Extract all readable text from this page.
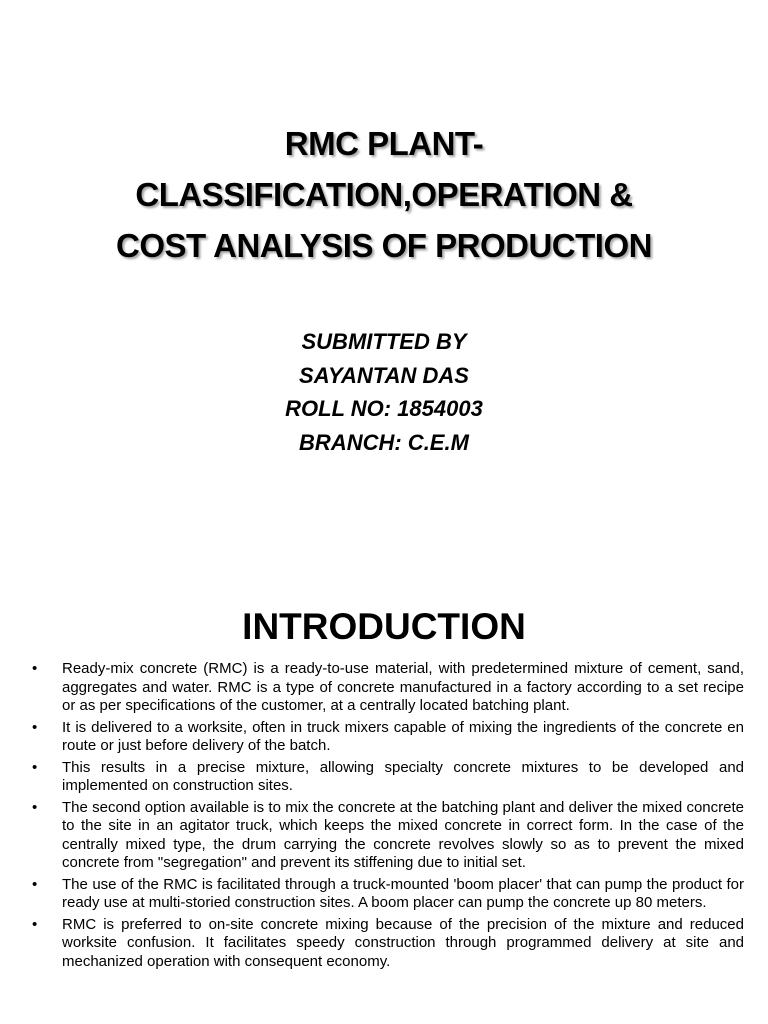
RMC PLANT-
CLASSIFICATION,OPERATION &
COST ANALYSIS OF PRODUCTION
SUBMITTED BY
SAYANTAN DAS
ROLL NO: 1854003
BRANCH: C.E.M
INTRODUCTION
• Ready-mix concrete (RMC) is a ready-to-use material, with predetermined mixture of cement, sand, aggregates and water. RMC is a type of concrete manufactured in a factory according to a set recipe or as per specifications of the customer, at a centrally located batching plant.
• It is delivered to a worksite, often in truck mixers capable of mixing the ingredients of the concrete en route or just before delivery of the batch.
• This results in a precise mixture, allowing specialty concrete mixtures to be developed and implemented on construction sites.
• The second option available is to mix the concrete at the batching plant and deliver the mixed concrete to the site in an agitator truck, which keeps the mixed concrete in correct form. In the case of the centrally mixed type, the drum carrying the concrete revolves slowly so as to prevent the mixed concrete from "segregation" and prevent its stiffening due to initial set.
• The use of the RMC is facilitated through a truck-mounted 'boom placer' that can pump the product for ready use at multi-storied construction sites. A boom placer can pump the concrete up 80 meters.
• RMC is preferred to on-site concrete mixing because of the precision of the mixture and reduced worksite confusion. It facilitates speedy construction through programmed delivery at site and mechanized operation with consequent economy.
